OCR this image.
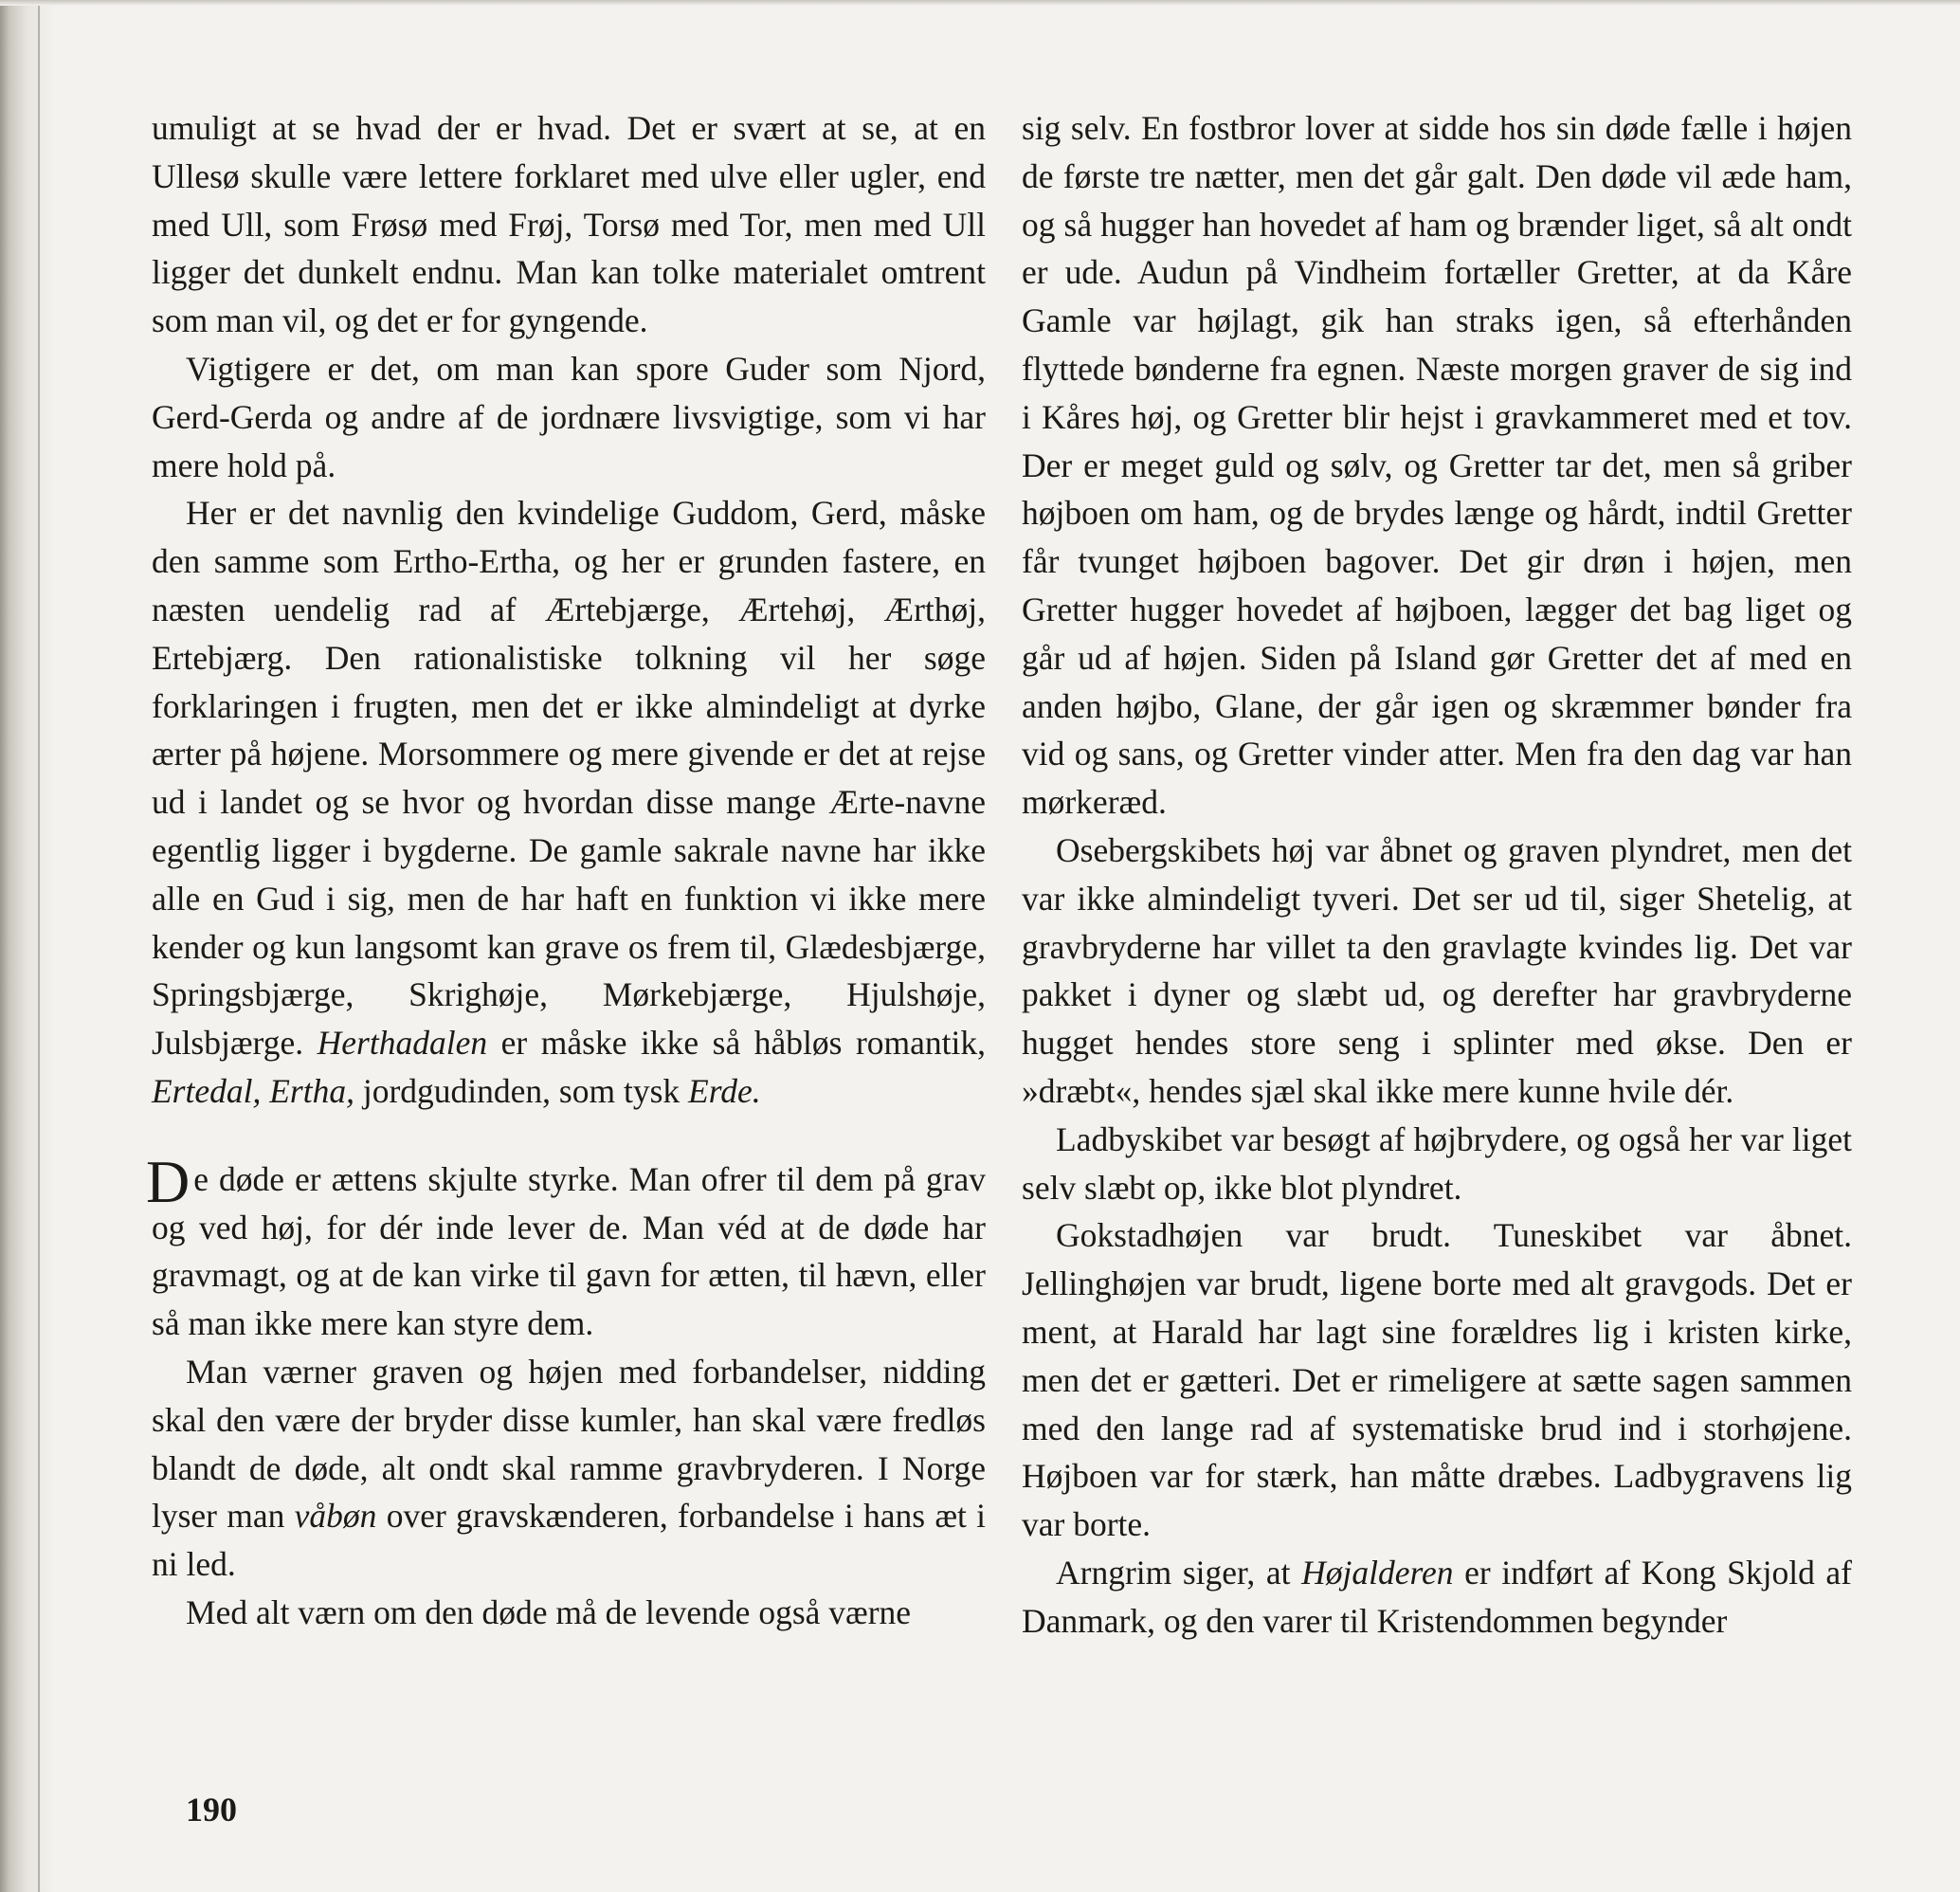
umuligt at se hvad der er hvad. Det er svært at se, at en Ullesø skulle være lettere forklaret med ulve eller ugler, end med Ull, som Frøsø med Frøj, Torsø med Tor, men med Ull ligger det dunkelt endnu. Man kan tolke materialet omtrent som man vil, og det er for gyngende.

Vigtigere er det, om man kan spore Guder som Njord, Gerd-Gerda og andre af de jordnære livsvigtige, som vi har mere hold på.

Her er det navnlig den kvindelige Guddom, Gerd, måske den samme som Ertho-Ertha, og her er grunden fastere, en næsten uendelig rad af Ærtebjærge, Ærtehøj, Ærthøj, Ertebjærg. Den rationalistiske tolkning vil her søge forklaringen i frugten, men det er ikke almindeligt at dyrke ærter på højene. Morsommere og mere givende er det at rejse ud i landet og se hvor og hvordan disse mange Ærte-navne egentlig ligger i bygderne. De gamle sakrale navne har ikke alle en Gud i sig, men de har haft en funktion vi ikke mere kender og kun langsomt kan grave os frem til, Glædesbjærge, Springsbjærge, Skrighøje, Mørkebjærge, Hjulshøje, Julsbjærge. Herthadalen er måske ikke så håbløs romantik, Ertedal, Ertha, jordgudinden, som tysk Erde.

De døde er ættens skjulte styrke. Man ofrer til dem på grav og ved høj, for dér inde lever de. Man véd at de døde har gravmagt, og at de kan virke til gavn for ætten, til hævn, eller så man ikke mere kan styre dem.

Man værner graven og højen med forbandelser, nidding skal den være der bryder disse kumler, han skal være fredløs blandt de døde, alt ondt skal ramme gravbryderen. I Norge lyser man våbøn over gravskænderen, forbandelse i hans æt i ni led.

Med alt værn om den døde må de levende også værne

sig selv. En fostbror lover at sidde hos sin døde fælle i højen de første tre nætter, men det går galt. Den døde vil æde ham, og så hugger han hovedet af ham og brænder liget, så alt ondt er ude. Audun på Vindheim fortæller Gretter, at da Kåre Gamle var højlagt, gik han straks igen, så efterhånden flyttede bønderne fra egnen. Næste morgen graver de sig ind i Kåres høj, og Gretter blir hejst i gravkammeret med et tov. Der er meget guld og sølv, og Gretter tar det, men så griber højboen om ham, og de brydes længe og hårdt, indtil Gretter får tvunget højboen bagover. Det gir drøn i højen, men Gretter hugger hovedet af højboen, lægger det bag liget og går ud af højen. Siden på Island gør Gretter det af med en anden højbo, Glane, der går igen og skræmmer bønder fra vid og sans, og Gretter vinder atter. Men fra den dag var han mørkeræd.

Osebergskibets høj var åbnet og graven plyndret, men det var ikke almindeligt tyveri. Det ser ud til, siger Shetelig, at gravbryderne har villet ta den gravlagte kvindes lig. Det var pakket i dyner og slæbt ud, og derefter har gravbryderne hugget hendes store seng i splinter med økse. Den er »dræbt«, hendes sjæl skal ikke mere kunne hvile dér.

Ladbyskibet var besøgt af højbrydere, og også her var liget selv slæbt op, ikke blot plyndret.

Gokstadhøjen var brudt. Tuneskibet var åbnet. Jellinghøjen var brudt, ligene borte med alt gravgods. Det er ment, at Harald har lagt sine forældres lig i kristen kirke, men det er gætteri. Det er rimeligere at sætte sagen sammen med den lange rad af systematiske brud ind i storhøjene. Højboen var for stærk, han måtte dræbes. Ladbygravens lig var borte.

Arngrim siger, at Højalderen er indført af Kong Skjold af Danmark, og den varer til Kristendommen begynder

190
